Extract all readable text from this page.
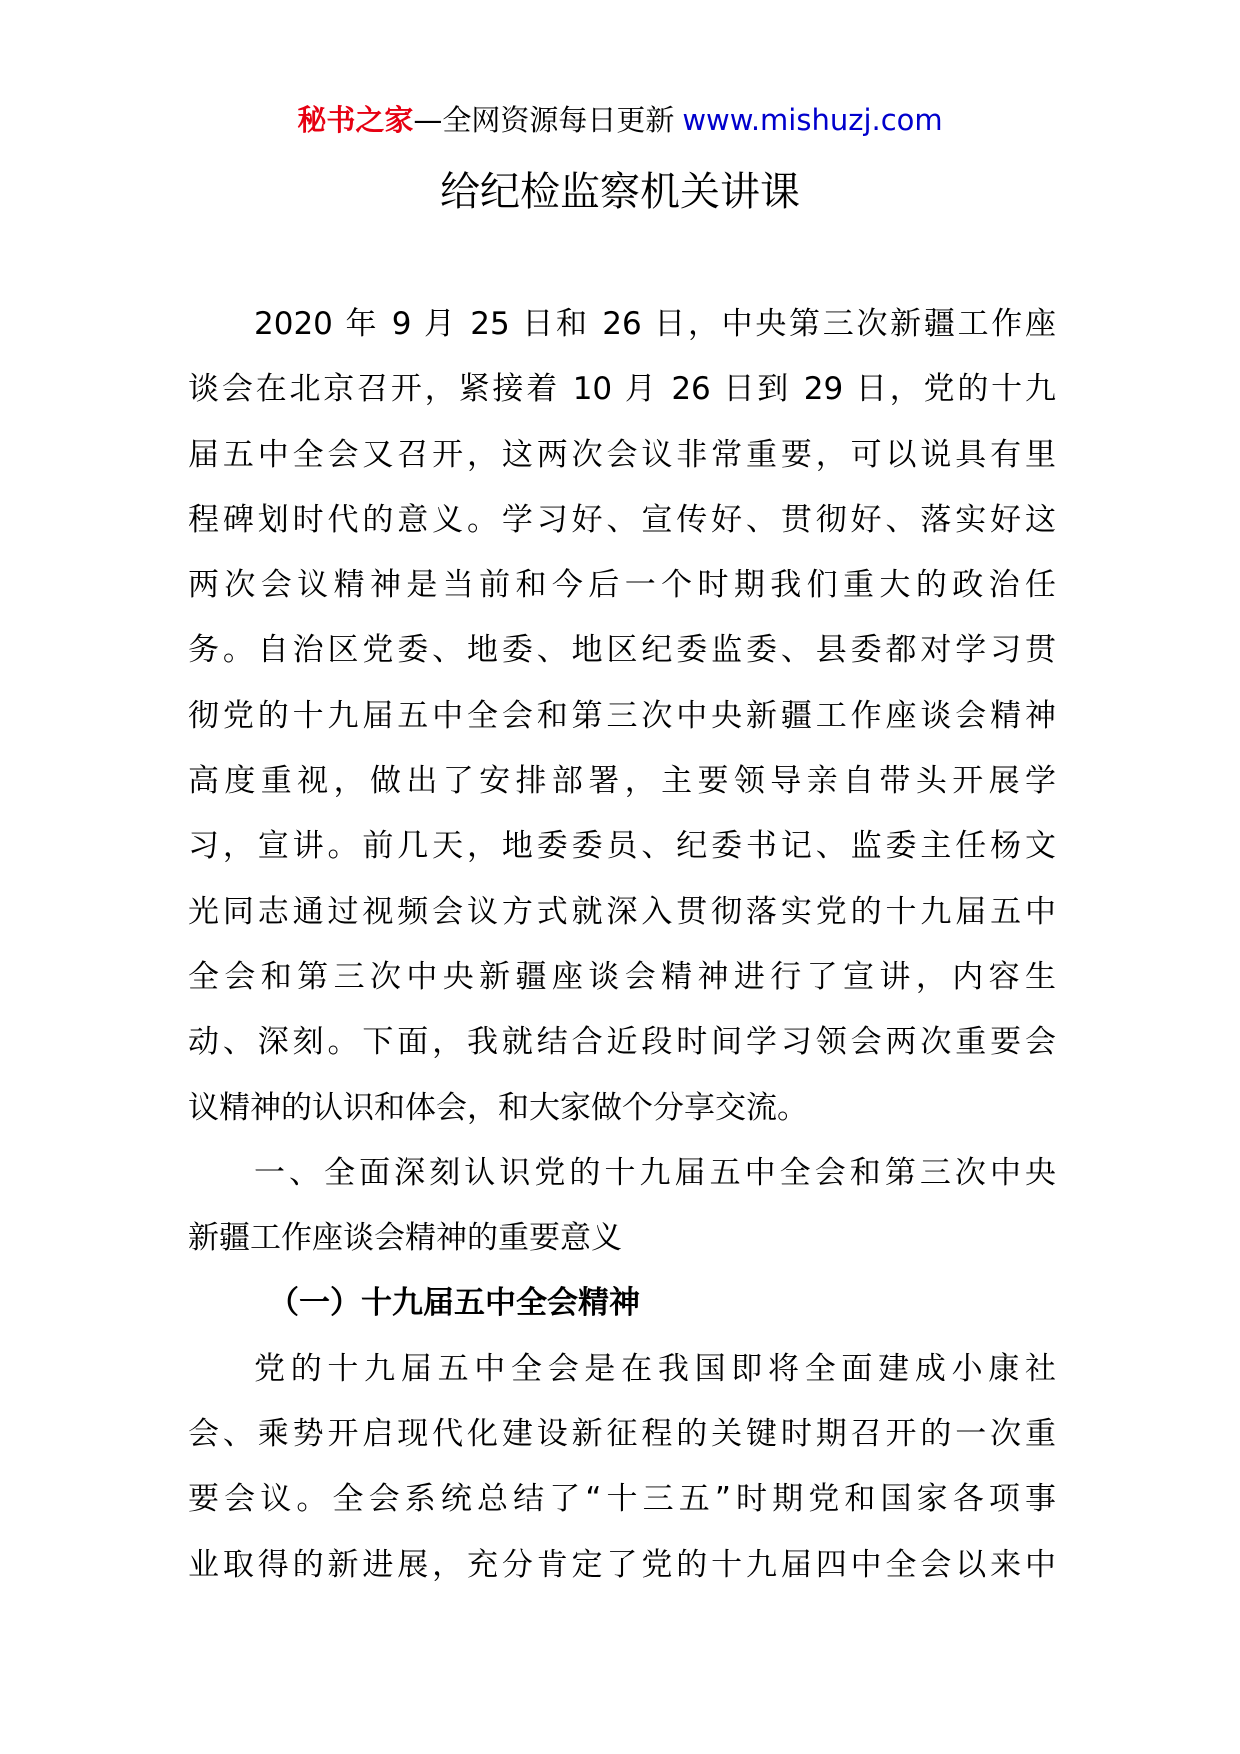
秘书之家—全网资源每日更新 www.mishuzj.com
给纪检监察机关讲课
2020 年 9 月 25 日和 26 日，中央第三次新疆工作座
谈会在北京召开，紧接着 10 月 26 日到 29 日，党的十九
届五中全会又召开，这两次会议非常重要，可以说具有里
程碑划时代的意义。学习好、宣传好、贯彻好、落实好这
两次会议精神是当前和今后一个时期我们重大的政治任
务。自治区党委、地委、地区纪委监委、县委都对学习贯
彻党的十九届五中全会和第三次中央新疆工作座谈会精神
高度重视，做出了安排部署，主要领导亲自带头开展学
习，宣讲。前几天，地委委员、纪委书记、监委主任杨文
光同志通过视频会议方式就深入贯彻落实党的十九届五中
全会和第三次中央新疆座谈会精神进行了宣讲，内容生
动、深刻。下面，我就结合近段时间学习领会两次重要会
议精神的认识和体会，和大家做个分享交流。
一、全面深刻认识党的十九届五中全会和第三次中央
新疆工作座谈会精神的重要意义
（一）十九届五中全会精神
党的十九届五中全会是在我国即将全面建成小康社
会、乘势开启现代化建设新征程的关键时期召开的一次重
要会议。全会系统总结了“十三五”时期党和国家各项事
业取得的新进展，充分肯定了党的十九届四中全会以来中
